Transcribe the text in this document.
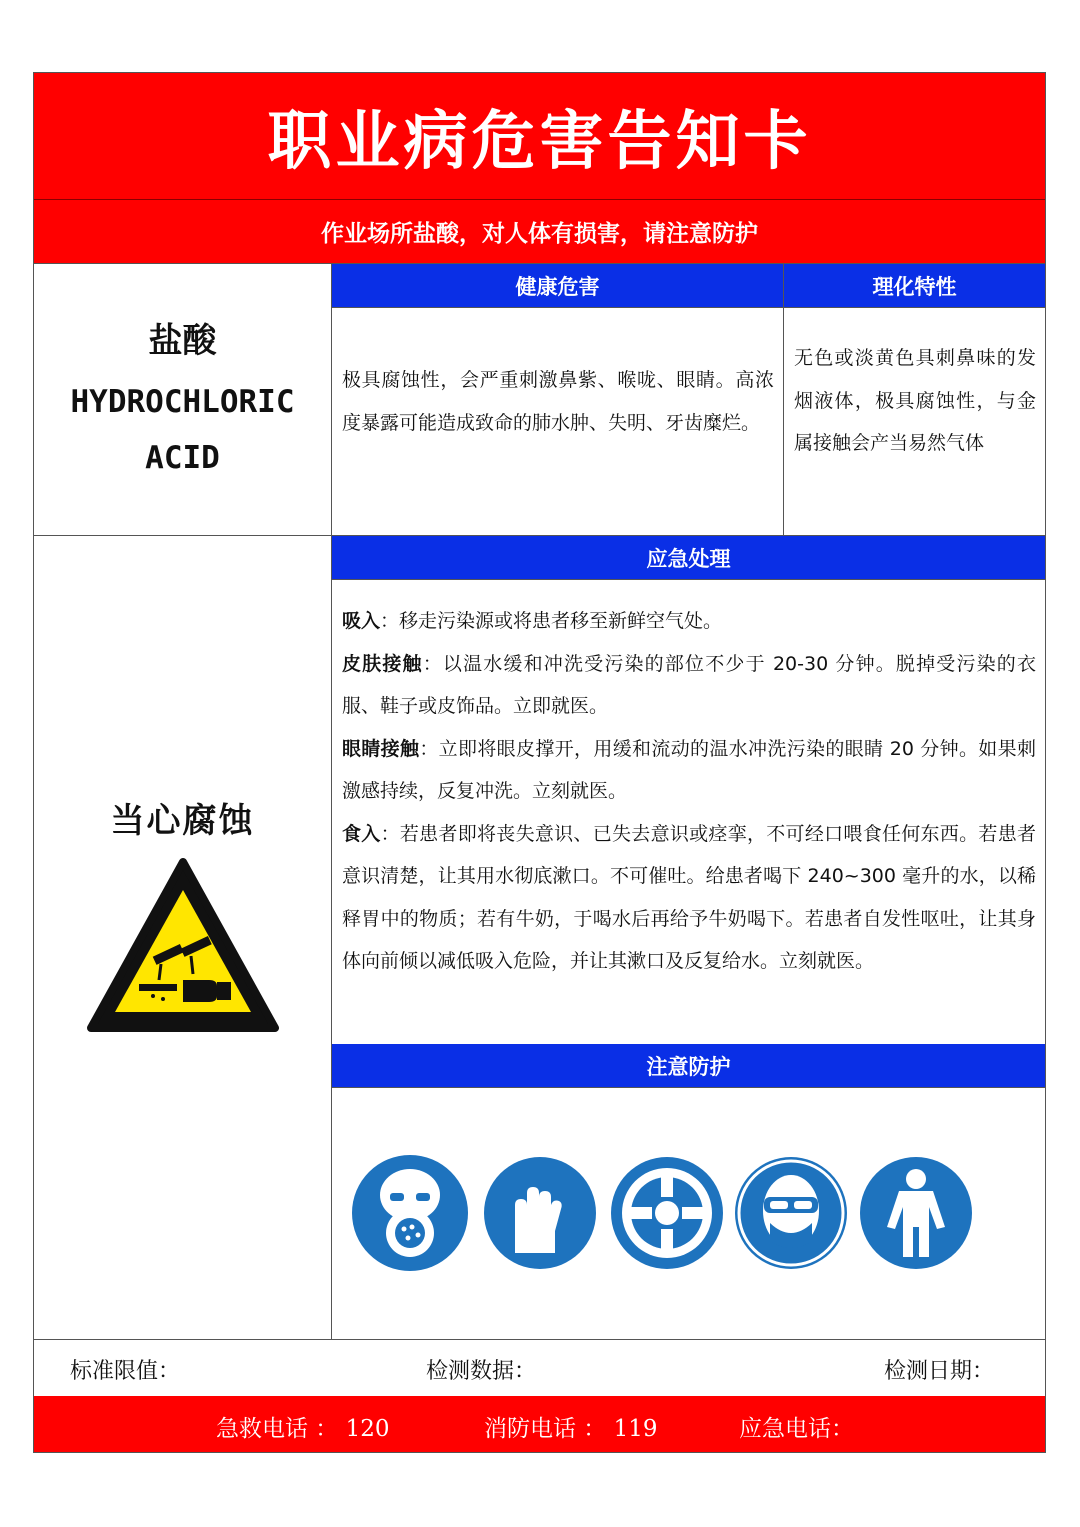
职业病危害告知卡
作业场所盐酸，对人体有损害，请注意防护
盐酸
HYDROCHLORIC
ACID
健康危害
极具腐蚀性，会严重刺激鼻紫、喉咙、眼睛。高浓度暴露可能造成致命的肺水肿、失明、牙齿糜烂。
理化特性
无色或淡黄色具刺鼻味的发烟液体，极具腐蚀性，与金属接触会产当易然气体
当心腐蚀
应急处理
吸入：移走污染源或将患者移至新鲜空气处。
皮肤接触：以温水缓和冲洗受污染的部位不少于 20-30 分钟。脱掉受污染的衣服、鞋子或皮饰品。立即就医。
眼睛接触：立即将眼皮撑开，用缓和流动的温水冲洗污染的眼睛 20 分钟。如果刺激感持续，反复冲洗。立刻就医。
食入：若患者即将丧失意识、已失去意识或痉挛，不可经口喂食任何东西。若患者意识清楚，让其用水彻底漱口。不可催吐。给患者喝下 240~300 毫升的水，以稀释胃中的物质；若有牛奶，于喝水后再给予牛奶喝下。若患者自发性呕吐，让其身体向前倾以减低吸入危险，并让其漱口及反复给水。立刻就医。
注意防护
标准限值：	检测数据：	检测日期：
急救电话 ： 120	消防电话 ： 119	应急电话：
